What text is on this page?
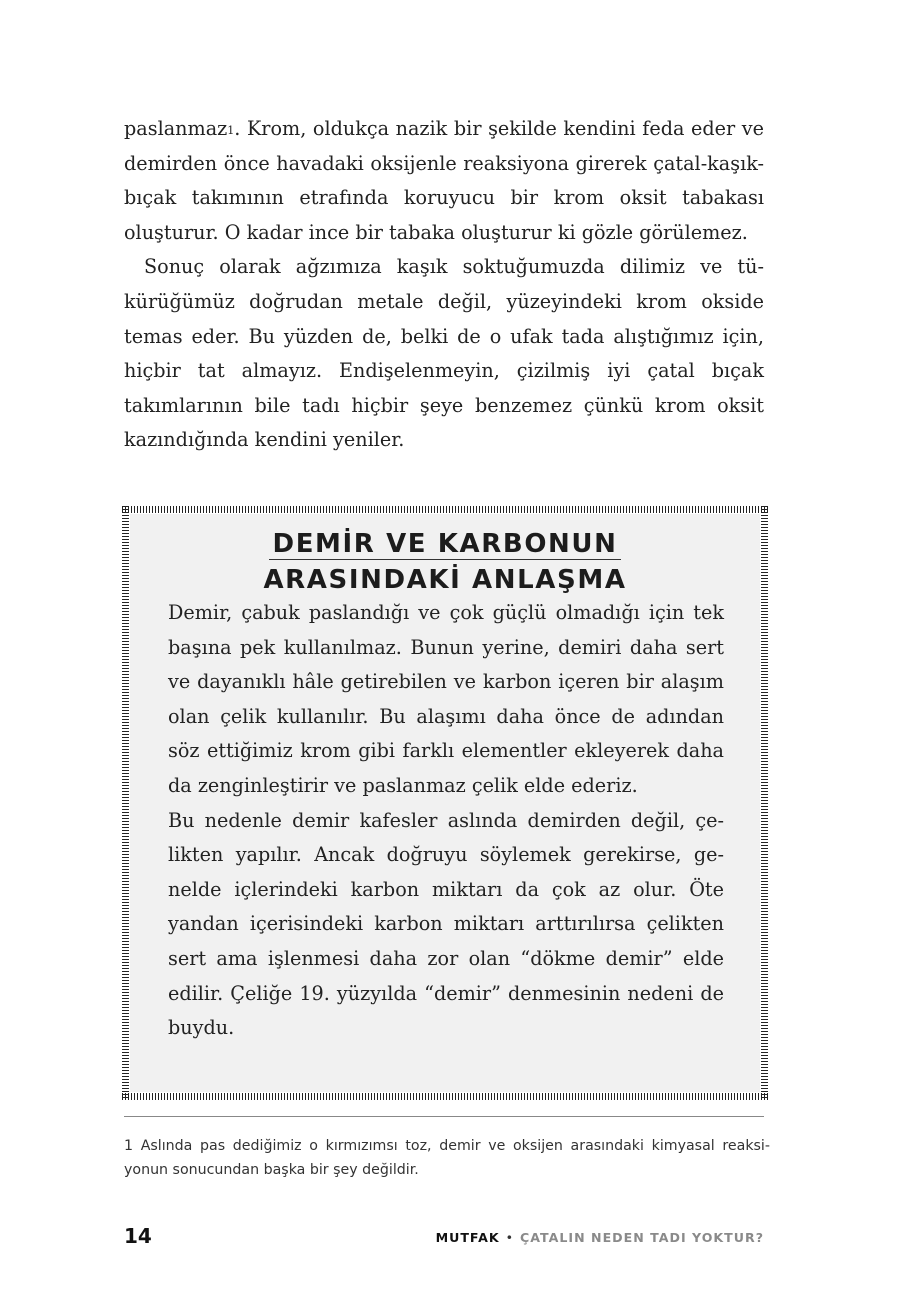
paslanmaz$^1$. Krom, oldukça nazik bir şekilde kendini feda eder ve demirden önce havadaki oksijenle reaksiyona girerek çatal-kaşık-bıçak takımının etrafında koruyucu bir krom oksit tabakası oluşturur. O kadar ince bir tabaka oluşturur ki gözle görülemez.

Sonuç olarak ağzımıza kaşık soktuğumuzda dilimiz ve tükürüğümüz doğrudan metale değil, yüzeyindeki krom okside temas eder. Bu yüzden de, belki de o ufak tada alıştığımız için, hiçbir tat almayız. Endişelenmeyin, çizilmiş iyi çatal bıçak takımlarının bile tadı hiçbir şeye benzemez çünkü krom oksit kazındığında kendini yeniler.

DEMİR VE KARBONUN
ARASINDAKİ ANLAŞMA

Demir, çabuk paslandığı ve çok güçlü olmadığı için tek başına pek kullanılmaz. Bunun yerine, demiri daha sert ve dayanıklı hâle getirebilen ve karbon içeren bir alaşım olan çelik kullanılır. Bu alaşımı daha önce de adından söz ettiğimiz krom gibi farklı elementler ekleyerek daha da zenginleştirir ve paslanmaz çelik elde ederiz.

Bu nedenle demir kafesler aslında demirden değil, çelikten yapılır. Ancak doğruyu söylemek gerekirse, genelde içlerindeki karbon miktarı da çok az olur. Öte yandan içerisindeki karbon miktarı arttırılırsa çelikten sert ama işlenmesi daha zor olan “dökme demir” elde edilir. Çeliğe 19. yüzyılda “demir” denmesinin nedeni de buydu.

1 Aslında pas dediğimiz o kırmızımsı toz, demir ve oksijen arasındaki kimyasal reaksiyonun sonucundan başka bir şey değildir.
14	MUTFAK • ÇATALIN NEDEN TADI YOKTUR?
